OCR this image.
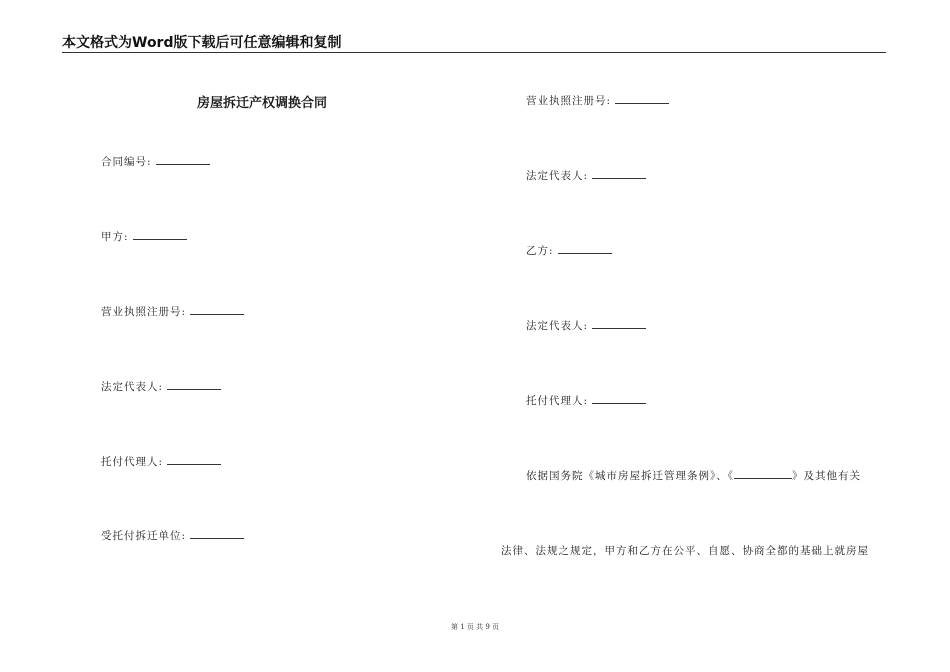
本文格式为Word版下载后可任意编辑和复制
房屋拆迁产权调换合同
合同编号:
甲方:
营业执照注册号:
法定代表人:
托付代理人:
受托付拆迁单位:
营业执照注册号:
法定代表人:
乙方:
法定代表人:
托付代理人:
依据国务院《城市房屋拆迁管理条例》、《	》及其他有关
法律、法规之规定，甲方和乙方在公平、自愿、协商全都的基础上就房屋
第 1 页 共 9 页
